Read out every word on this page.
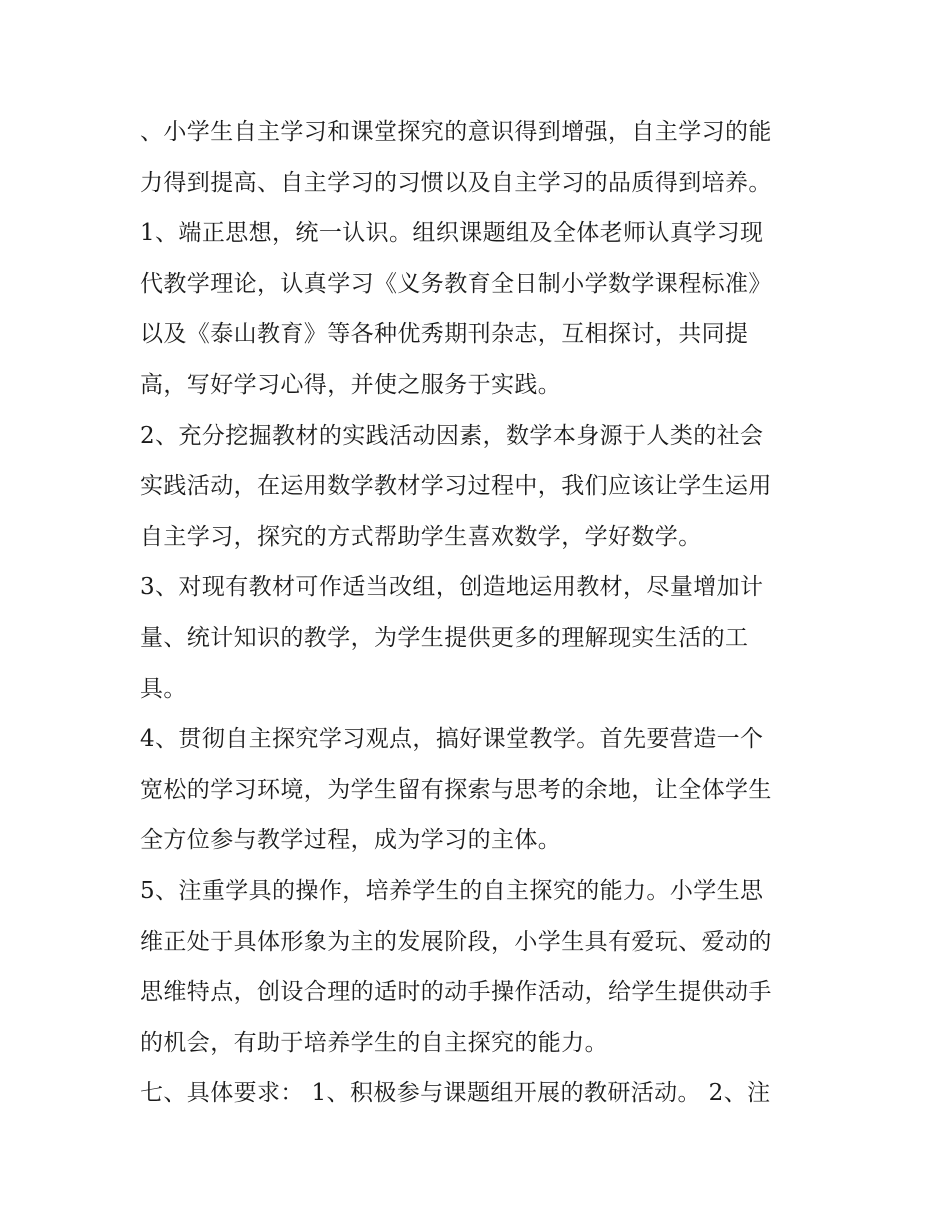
、小学生自主学习和课堂探究的意识得到增强，自主学习的能
力得到提高、自主学习的习惯以及自主学习的品质得到培养。
1、端正思想，统一认识。组织课题组及全体老师认真学习现
代教学理论，认真学习《义务教育全日制小学数学课程标准》
以及《泰山教育》等各种优秀期刊杂志，互相探讨，共同提
高，写好学习心得，并使之服务于实践。
2、充分挖掘教材的实践活动因素，数学本身源于人类的社会
实践活动，在运用数学教材学习过程中，我们应该让学生运用
自主学习，探究的方式帮助学生喜欢数学，学好数学。
3、对现有教材可作适当改组，创造地运用教材，尽量增加计
量、统计知识的教学，为学生提供更多的理解现实生活的工
具。
4、贯彻自主探究学习观点，搞好课堂教学。首先要营造一个
宽松的学习环境，为学生留有探索与思考的余地，让全体学生
全方位参与教学过程，成为学习的主体。
5、注重学具的操作，培养学生的自主探究的能力。小学生思
维正处于具体形象为主的发展阶段，小学生具有爱玩、爱动的
思维特点，创设合理的适时的动手操作活动，给学生提供动手
的机会，有助于培养学生的自主探究的能力。
七、具体要求： 1、积极参与课题组开展的教研活动。 2、注
